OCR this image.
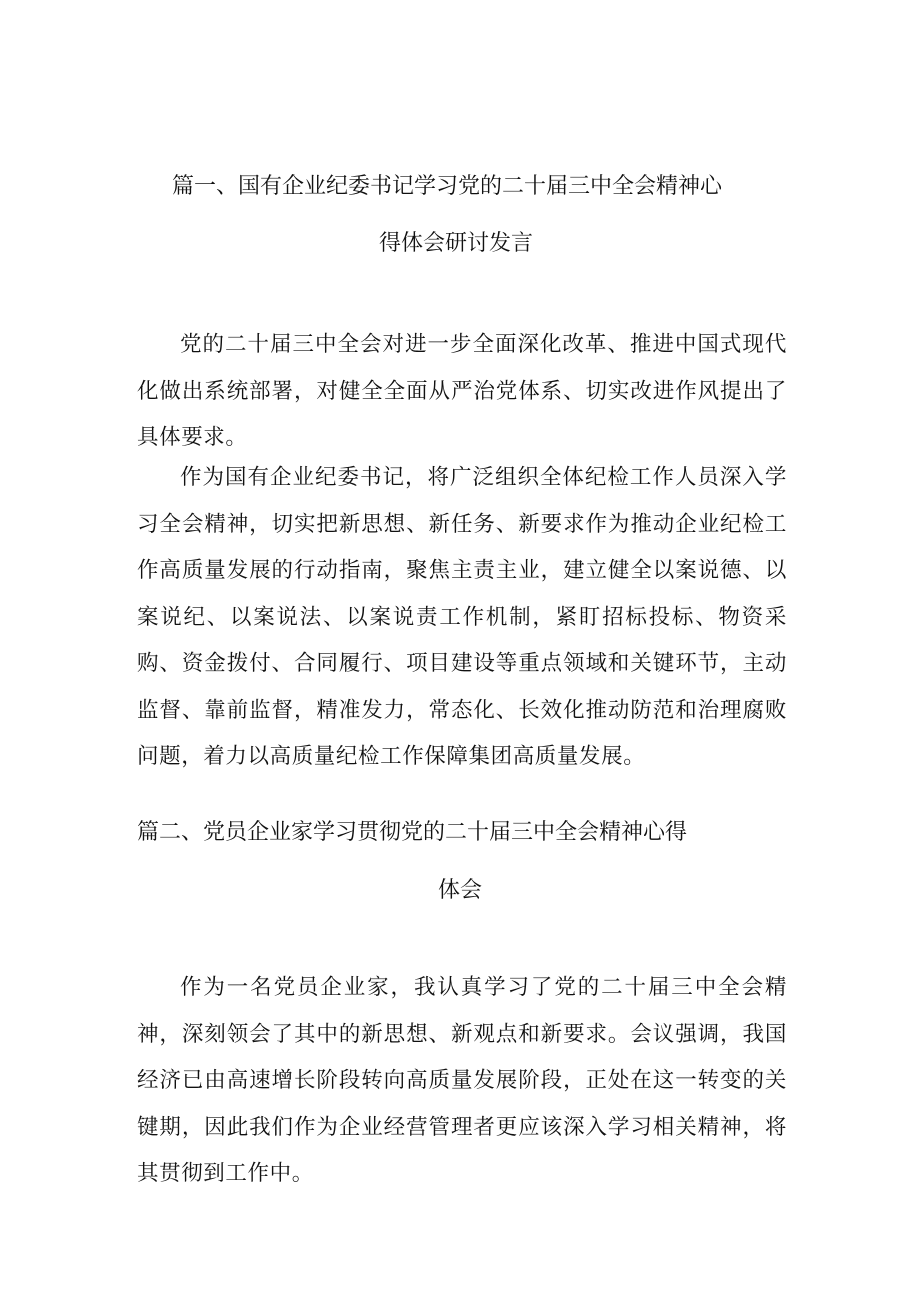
篇一、国有企业纪委书记学习党的二十届三中全会精神心
得体会研讨发言

党的二十届三中全会对进一步全面深化改革、推进中国式现代化做出系统部署，对健全全面从严治党体系、切实改进作风提出了具体要求。

作为国有企业纪委书记，将广泛组织全体纪检工作人员深入学习全会精神，切实把新思想、新任务、新要求作为推动企业纪检工作高质量发展的行动指南，聚焦主责主业，建立健全以案说德、以案说纪、以案说法、以案说责工作机制，紧盯招标投标、物资采购、资金拨付、合同履行、项目建设等重点领域和关键环节，主动监督、靠前监督，精准发力，常态化、长效化推动防范和治理腐败问题，着力以高质量纪检工作保障集团高质量发展。

篇二、党员企业家学习贯彻党的二十届三中全会精神心得
体会

作为一名党员企业家，我认真学习了党的二十届三中全会精神，深刻领会了其中的新思想、新观点和新要求。会议强调，我国经济已由高速增长阶段转向高质量发展阶段，正处在这一转变的关键期，因此我们作为企业经营管理者更应该深入学习相关精神，将其贯彻到工作中。
